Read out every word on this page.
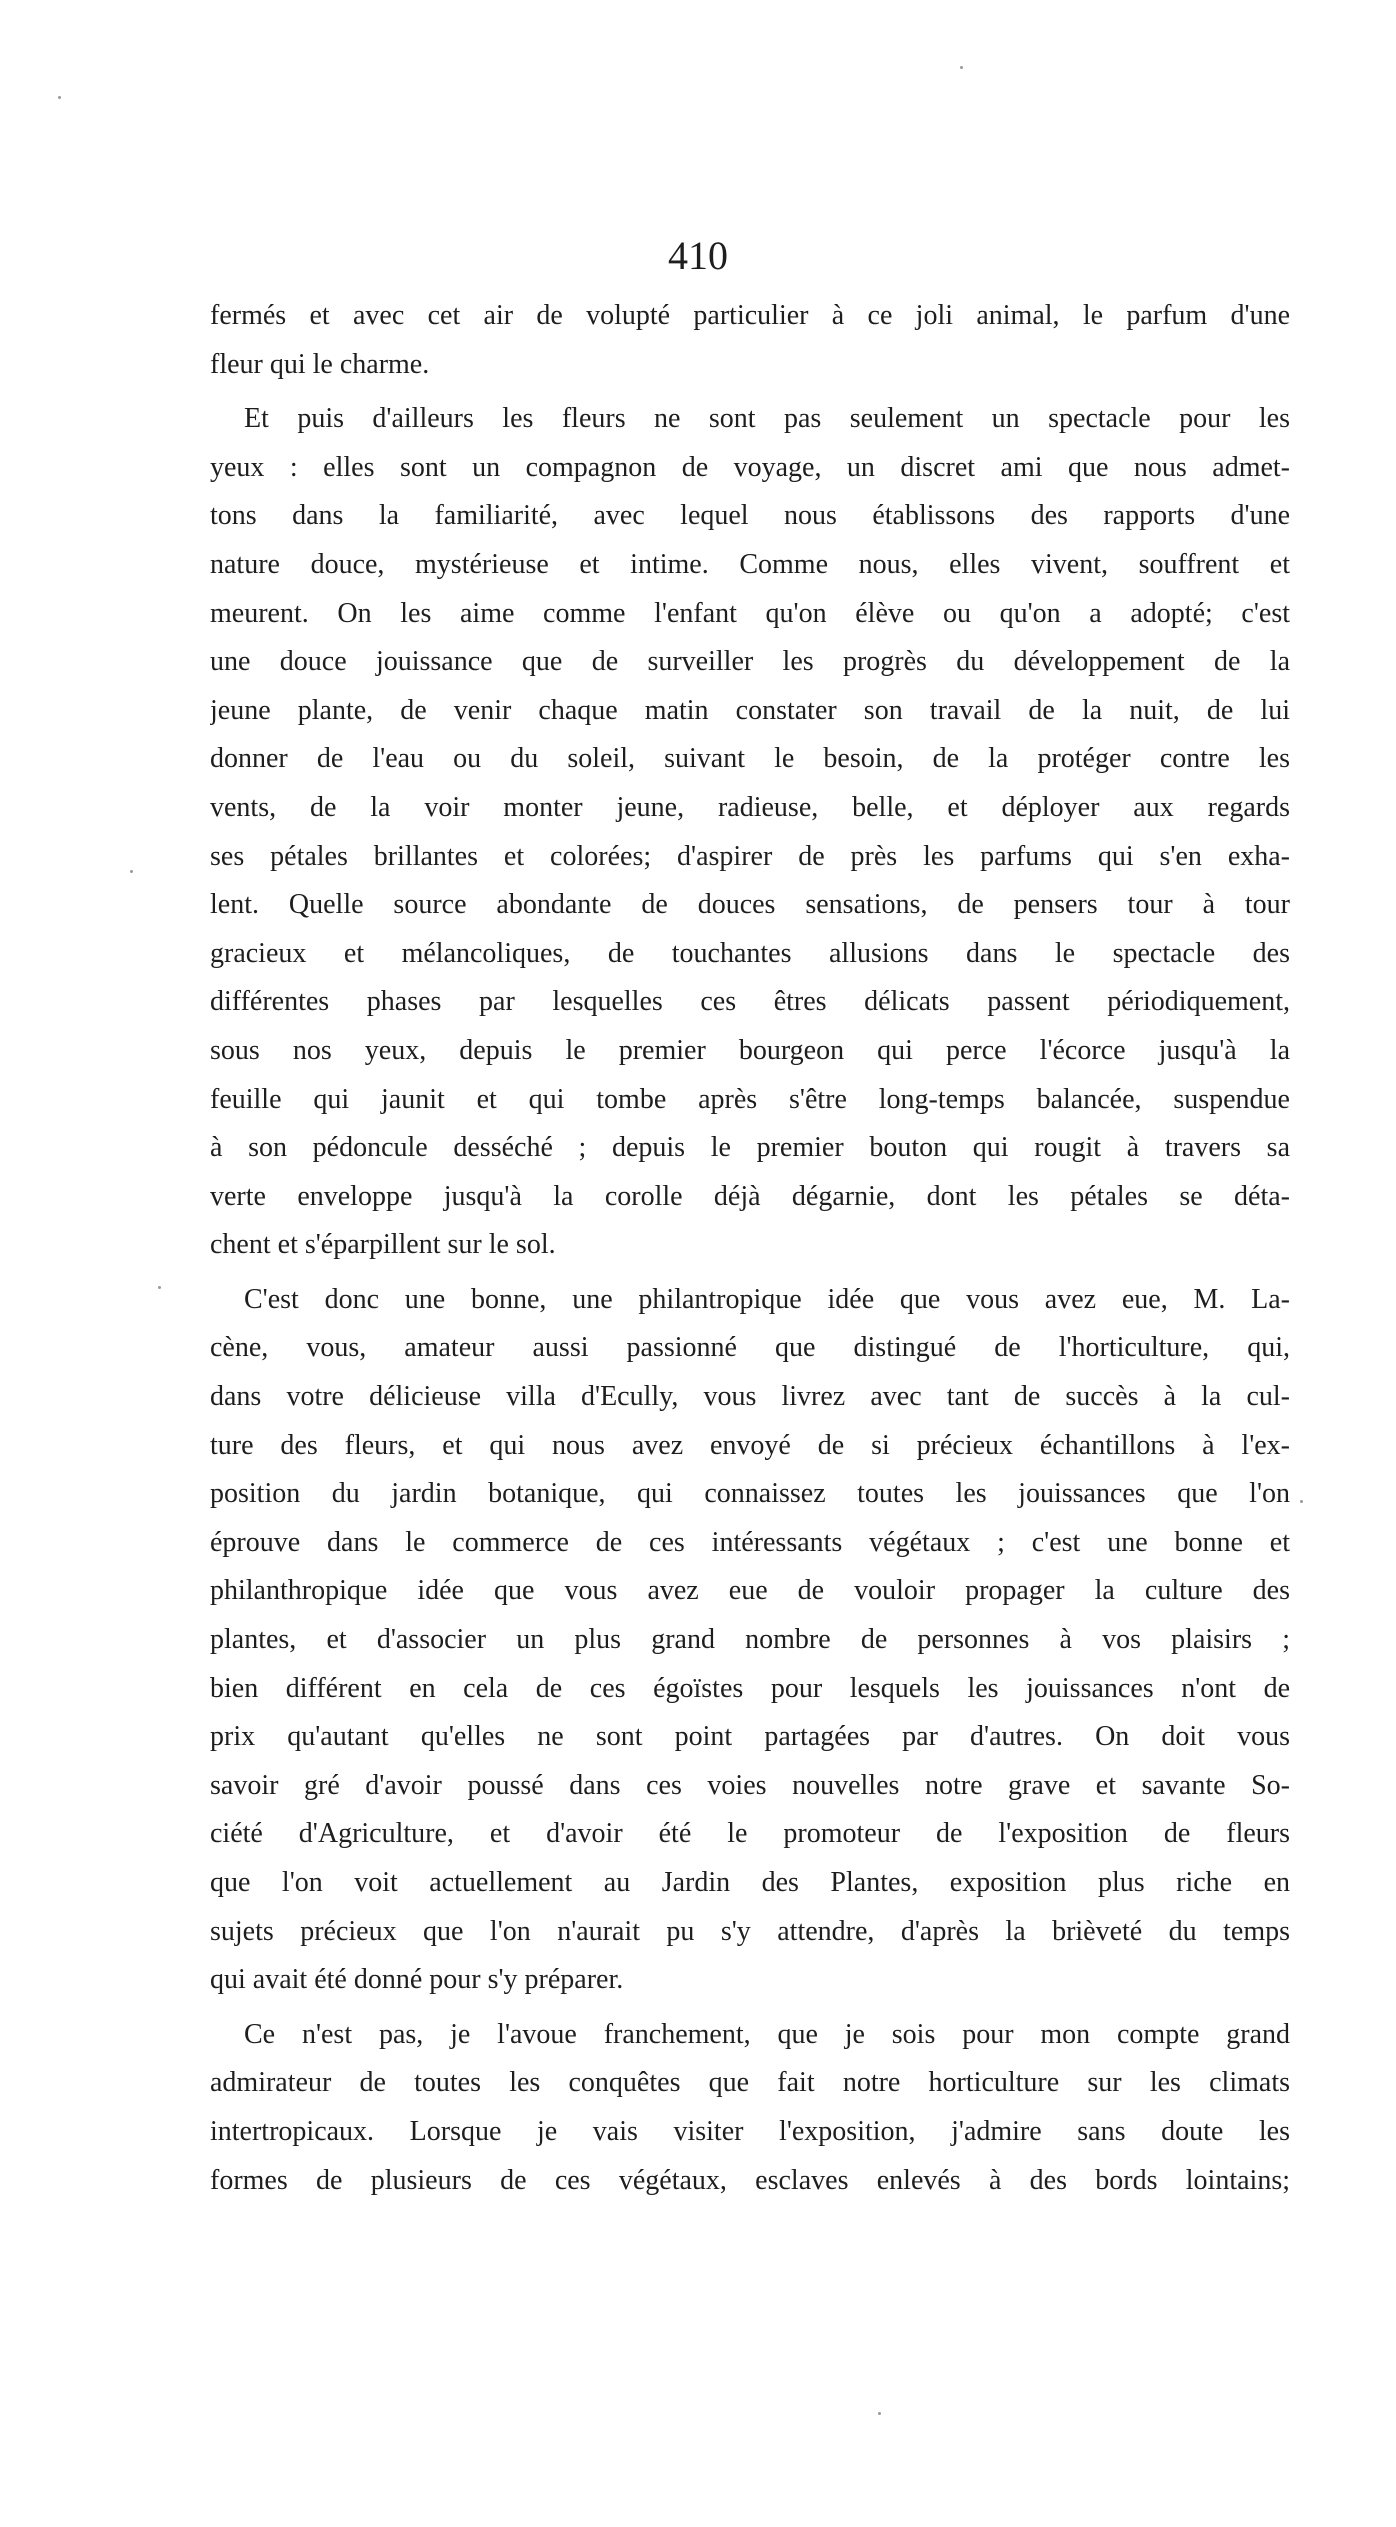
410
fermés et avec cet air de volupté particulier à ce joli animal, le parfum d'une
fleur qui le charme.
Et puis d'ailleurs les fleurs ne sont pas seulement un spectacle pour les
yeux : elles sont un compagnon de voyage, un discret ami que nous admet-
tons dans la familiarité, avec lequel nous établissons des rapports d'une
nature douce, mystérieuse et intime. Comme nous, elles vivent, souffrent et
meurent. On les aime comme l'enfant qu'on élève ou qu'on a adopté; c'est
une douce jouissance que de surveiller les progrès du développement de la
jeune plante, de venir chaque matin constater son travail de la nuit, de lui
donner de l'eau ou du soleil, suivant le besoin, de la protéger contre les
vents, de la voir monter jeune, radieuse, belle, et déployer aux regards
ses pétales brillantes et colorées; d'aspirer de près les parfums qui s'en exha-
lent. Quelle source abondante de douces sensations, de pensers tour à tour
gracieux et mélancoliques, de touchantes allusions dans le spectacle des
différentes phases par lesquelles ces êtres délicats passent périodiquement,
sous nos yeux, depuis le premier bourgeon qui perce l'écorce jusqu'à la
feuille qui jaunit et qui tombe après s'être long-temps balancée, suspendue
à son pédoncule desséché ; depuis le premier bouton qui rougit à travers sa
verte enveloppe jusqu'à la corolle déjà dégarnie, dont les pétales se déta-
chent et s'éparpillent sur le sol.
C'est donc une bonne, une philantropique idée que vous avez eue, M. La-
cène, vous, amateur aussi passionné que distingué de l'horticulture, qui,
dans votre délicieuse villa d'Ecully, vous livrez avec tant de succès à la cul-
ture des fleurs, et qui nous avez envoyé de si précieux échantillons à l'ex-
position du jardin botanique, qui connaissez toutes les jouissances que l'on
éprouve dans le commerce de ces intéressants végétaux ; c'est une bonne et
philanthropique idée que vous avez eue de vouloir propager la culture des
plantes, et d'associer un plus grand nombre de personnes à vos plaisirs ;
bien différent en cela de ces égoïstes pour lesquels les jouissances n'ont de
prix qu'autant qu'elles ne sont point partagées par d'autres. On doit vous
savoir gré d'avoir poussé dans ces voies nouvelles notre grave et savante So-
ciété d'Agriculture, et d'avoir été le promoteur de l'exposition de fleurs
que l'on voit actuellement au Jardin des Plantes, exposition plus riche en
sujets précieux que l'on n'aurait pu s'y attendre, d'après la brièveté du temps
qui avait été donné pour s'y préparer.
Ce n'est pas, je l'avoue franchement, que je sois pour mon compte grand
admirateur de toutes les conquêtes que fait notre horticulture sur les climats
intertropicaux. Lorsque je vais visiter l'exposition, j'admire sans doute les
formes de plusieurs de ces végétaux, esclaves enlevés à des bords lointains;
